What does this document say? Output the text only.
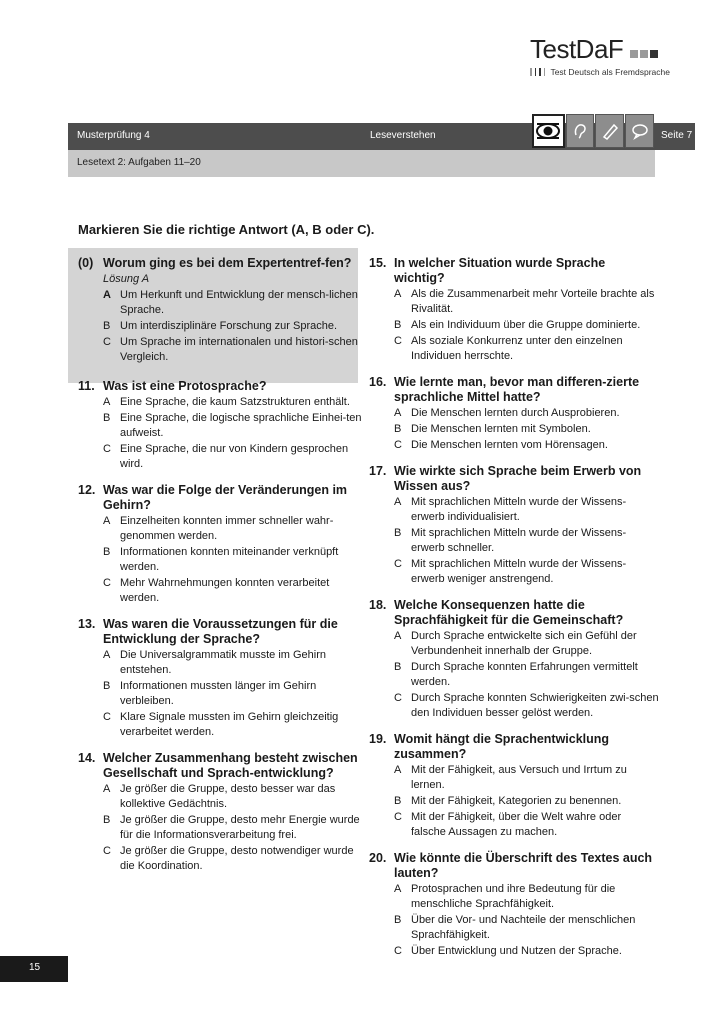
TestDaF
Test Deutsch als Fremdsprache
Musterprüfung 4	Leseverstehen	Seite 7
Lesetext 2: Aufgaben 11–20
Markieren Sie die richtige Antwort (A, B oder C).
(0) Worum ging es bei dem Expertentref-fen?
Lösung A
A Um Herkunft und Entwicklung der mensch-lichen Sprache.
B Um interdisziplinäre Forschung zur Sprache.
C Um Sprache im internationalen und histori-schen Vergleich.
11. Was ist eine Protosprache?
A Eine Sprache, die kaum Satzstrukturen enthält.
B Eine Sprache, die logische sprachliche Einhei-ten aufweist.
C Eine Sprache, die nur von Kindern gesprochen wird.
12. Was war die Folge der Veränderungen im Gehirn?
A Einzelheiten konnten immer schneller wahr-genommen werden.
B Informationen konnten miteinander verknüpft werden.
C Mehr Wahrnehmungen konnten verarbeitet werden.
13. Was waren die Voraussetzungen für die Entwicklung der Sprache?
A Die Universalgrammatik musste im Gehirn entstehen.
B Informationen mussten länger im Gehirn verbleiben.
C Klare Signale mussten im Gehirn gleichzeitig verarbeitet werden.
14. Welcher Zusammenhang besteht zwischen Gesellschaft und Sprach-entwicklung?
A Je größer die Gruppe, desto besser war das kollektive Gedächtnis.
B Je größer die Gruppe, desto mehr Energie wurde für die Informationsverarbeitung frei.
C Je größer die Gruppe, desto notwendiger wurde die Koordination.
15. In welcher Situation wurde Sprache wichtig?
A Als die Zusammenarbeit mehr Vorteile brachte als Rivalität.
B Als ein Individuum über die Gruppe dominierte.
C Als soziale Konkurrenz unter den einzelnen Individuen herrschte.
16. Wie lernte man, bevor man differen-zierte sprachliche Mittel hatte?
A Die Menschen lernten durch Ausprobieren.
B Die Menschen lernten mit Symbolen.
C Die Menschen lernten vom Hörensagen.
17. Wie wirkte sich Sprache beim Erwerb von Wissen aus?
A Mit sprachlichen Mitteln wurde der Wissens-erwerb individualisiert.
B Mit sprachlichen Mitteln wurde der Wissens-erwerb schneller.
C Mit sprachlichen Mitteln wurde der Wissens-erwerb weniger anstrengend.
18. Welche Konsequenzen hatte die Sprachfähigkeit für die Gemeinschaft?
A Durch Sprache entwickelte sich ein Gefühl der Verbundenheit innerhalb der Gruppe.
B Durch Sprache konnten Erfahrungen vermittelt werden.
C Durch Sprache konnten Schwierigkeiten zwi-schen den Individuen besser gelöst werden.
19. Womit hängt die Sprachentwicklung zusammen?
A Mit der Fähigkeit, aus Versuch und Irrtum zu lernen.
B Mit der Fähigkeit, Kategorien zu benennen.
C Mit der Fähigkeit, über die Welt wahre oder falsche Aussagen zu machen.
20. Wie könnte die Überschrift des Textes auch lauten?
A Protosprachen und ihre Bedeutung für die menschliche Sprachfähigkeit.
B Über die Vor- und Nachteile der menschlichen Sprachfähigkeit.
C Über Entwicklung und Nutzen der Sprache.
15
